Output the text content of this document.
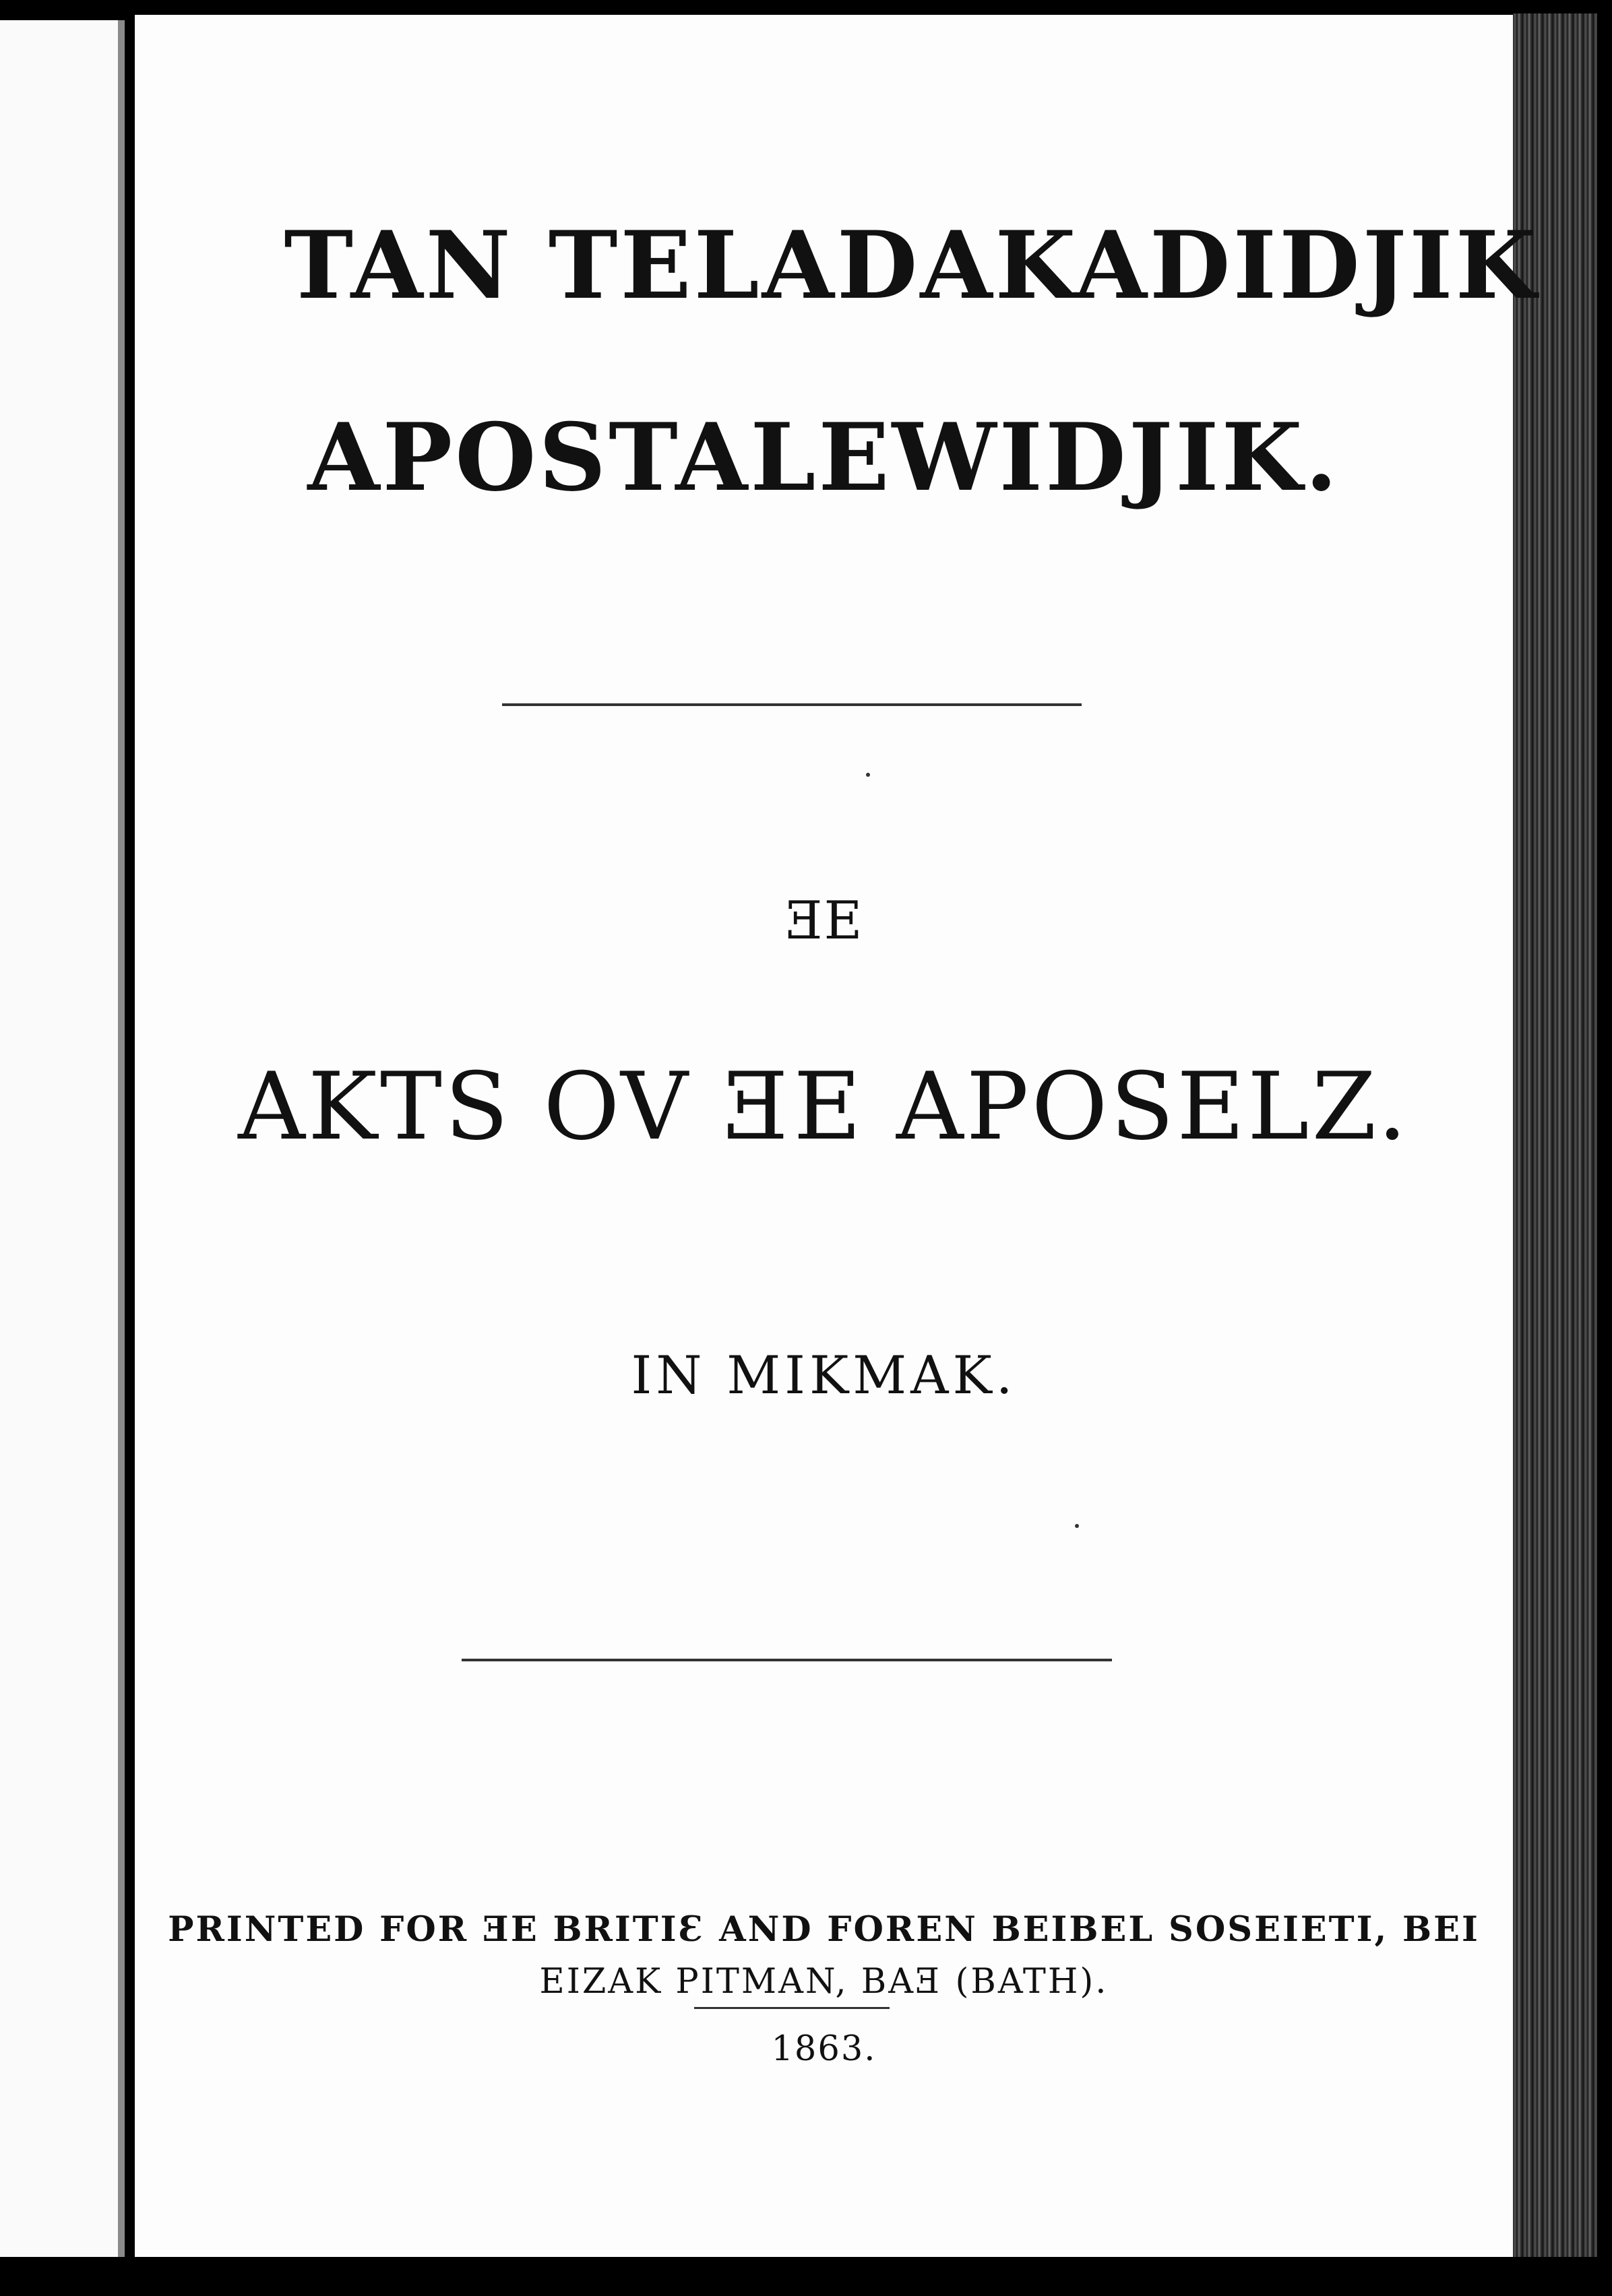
TAN TELADAKADIDJIK
APOSTALEWIDJIK.
ƎE
AKTS OV ƎE APOSELZ.
IN MIKMAK.
PRINTED FOR ƎE BRITIƐ AND FOREN BEIBEL SOSEIETI, BEI
EIZAK PITMAN, BAƎ (BATH).
1863.
